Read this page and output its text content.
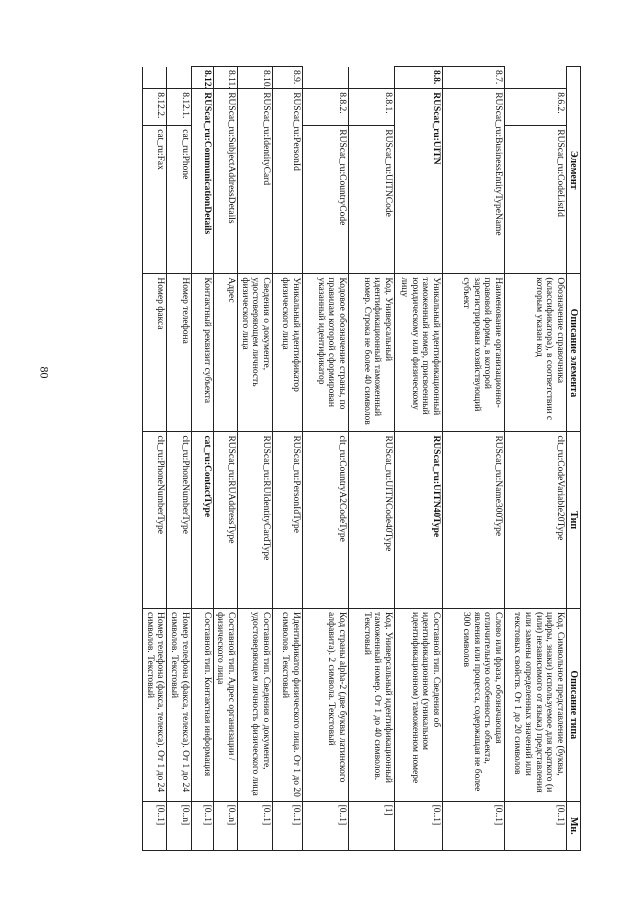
80
Элемент			Описание элемента	Тип	Описание типа	Мн.
	8.6.2.	RUScat_ru:CodeListId	Обозначение справочника (классификатора), в соответствии с которым указан код	clt_ru:CodeVariable20Type	Код. Символьное представление (буквы, цифры, знаки) используемое для краткого (и (или) независимого от языка) представления или замены определенных значений или текстовых свойств. От 1 до 20 символов	[0..1]
8.7.	RUScat_ru:BusinessEntityTypeName		Наименование организационно-правовой формы, в которой зарегистрирован хозяйствующий субъект	RUScat_ru:Name300Type	Слово или фраза, обозначающая отличительную особенность объекта, явления или процесса, содержащая не более 300 символов	[0..1]
8.8.	RUScat_ru:UITN		Уникальный идентификационный таможенный номер, присвоенный юридическому или физическому лицу	RUScat_ru:UITN40Type	Составной тип. Сведения об идентификационном (уникальном идентификационном) таможенном номере	[0..1]
	8.8.1.	RUScat_ru:UITNCode	Код. Универсальный идентификационный таможенный номер. Строка не более 40 символов	RUScat_ru:UITNCode40Type	Код. Универсальный идентификационный таможенный номер. От 1 до 40 символов. Текстовый	[1]
	8.8.2.	RUScat_ru:CountryCode	Кодовое обозначение страны, по правилам которой сформирован указанный идентификатор	clt_ru:CountryA2CodeType	Код страны alpha-2 (две буквы латинского алфавита). 2 символа. Текстовый	[0..1]
8.9.	RUScat_ru:PersonId		Уникальный идентификатор физического лица	RUScat_ru:PersonIdType	Идентификатор физического лица. От 1 до 20 символов. Текстовый	[0..1]
8.10.	RUScat_ru:IdentityCard		Сведения о документе, удостоверяющем личность физического лица	RUScat_ru:RUIdentityCardType	Составной тип. Сведения о документе, удостоверяющем личность физического лица	[0..1]
8.11.	RUScat_ru:SubjectAddressDetails		Адрес	RUScat_ru:RUAddressType	Составной тип. Адрес организации / физического лица	[0..n]
8.12.	RUScat_ru:CommunicationDetails		Контактный реквизит субъекта	cat_ru:ContactType	Составной тип. Контактная информация	[0..1]
	8.12.1.	cat_ru:Phone	Номер телефона	clt_ru:PhoneNumberType	Номер телефона (факса, телекса). От 1 до 24 символов. Текстовый	[0..n]
	8.12.2.	cat_ru:Fax	Номер факса	clt_ru:PhoneNumberType	Номер телефона (факса, телекса). От 1 до 24 символов. Текстовый	[0..1]
